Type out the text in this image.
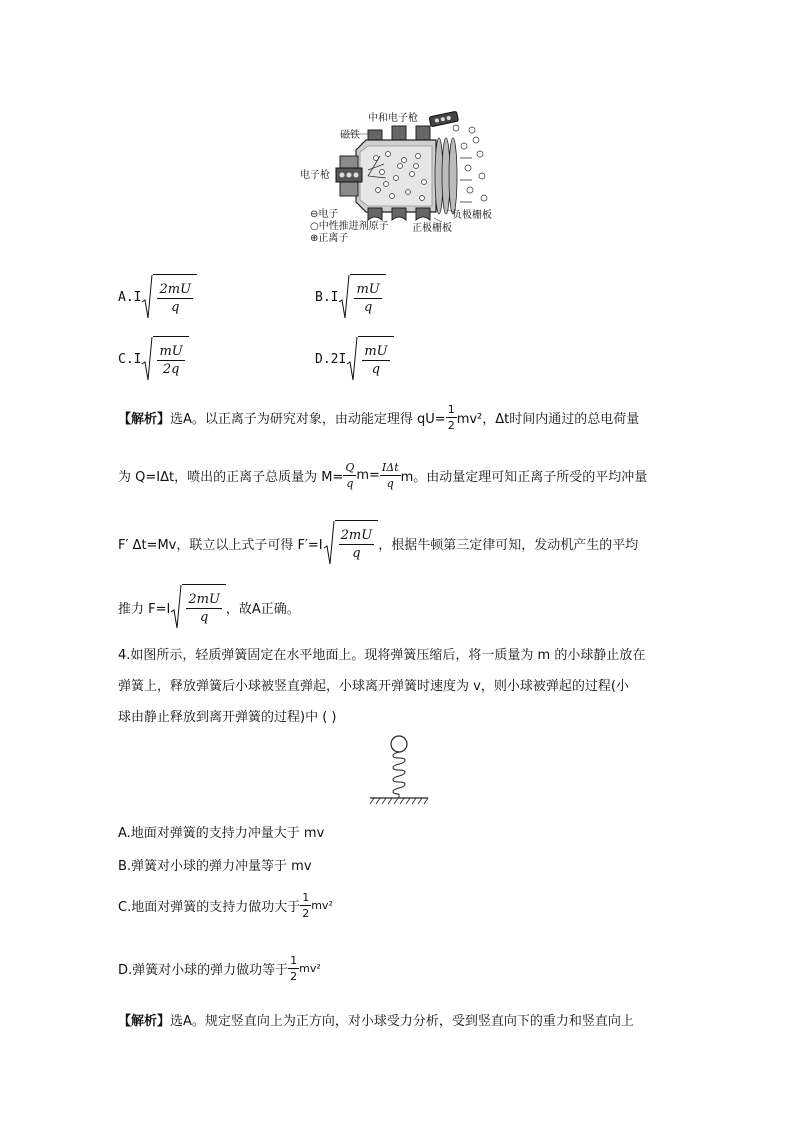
中和电子枪
磁铁
电子枪
负极栅板
正极栅板
⊖电子
○中性推进剂原子
⊕正离子
$A.I \frac{2mU}{q}$	$B.I \frac{mU}{q}$
$C.I \frac{mU}{2q}$	$D.2I \frac{mU}{q}$
【解析】 选A。以正离子为研究对象，由动能定理得 $qU= \frac{1}{2} mv^2$，Δt时间内通过的总电荷量
为 Q=IΔt，喷出的正离子总质量为 $M= \frac{Q}{q} m= \frac{\text{IΔt}}{q}$ m。由动量定理可知正离子所受的平均冲量
F′ Δt=Mv，联立以上式子可得 $F'=I \frac{2mU}{q}$ ，根据牛顿第三定律可知，发动机产生的平均
推力 $F=I \frac{2mU}{q}$ ，故A正确。
4.如图所示，轻质弹簧固定在水平地面上。现将弹簧压缩后，将一质量为 m 的小球静止放在
弹簧上，释放弹簧后小球被竖直弹起，小球离开弹簧时速度为 v，则小球被弹起的过程(小
球由静止释放到离开弹簧的过程)中 ( )
A.地面对弹簧的支持力冲量大于 mv
B.弹簧对小球的弹力冲量等于 mv
C.地面对弹簧的支持力做功大于 $\frac{1}{2} mv^2$
D.弹簧对小球的弹力做功等于 $\frac{1}{2} mv^2$
【解析】 选A。规定竖直向上为正方向，对小球受力分析，受到竖直向下的重力和竖直向上
